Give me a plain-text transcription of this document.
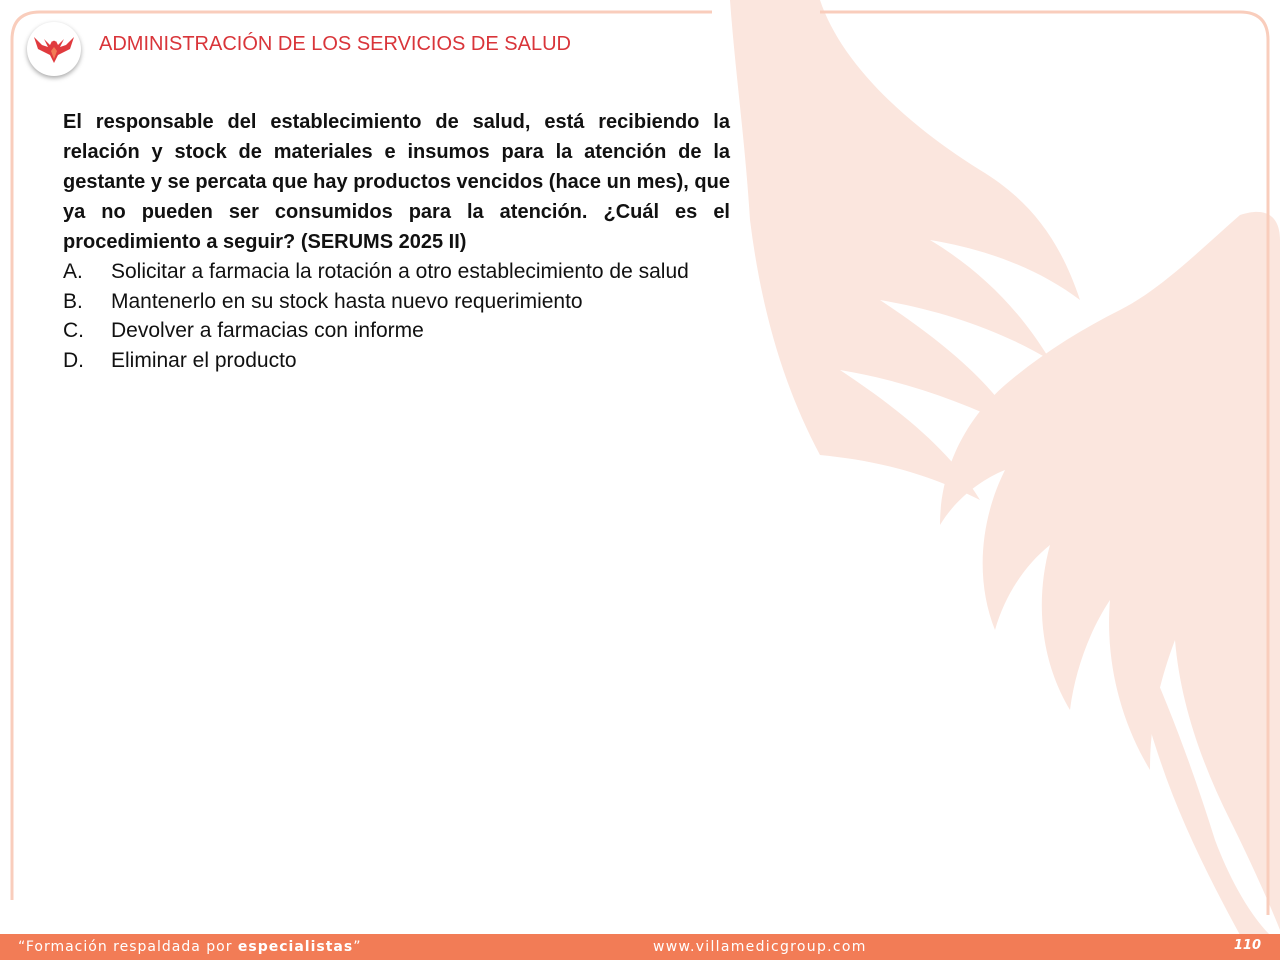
ADMINISTRACIÓN DE LOS SERVICIOS DE SALUD

El responsable del establecimiento de salud, está recibiendo la relación y stock de materiales e insumos para la atención de la gestante y se percata que hay productos vencidos (hace un mes), que ya no pueden ser consumidos para la atención. ¿Cuál es el procedimiento a seguir? (SERUMS 2025 II)

A.	Solicitar a farmacia la rotación a otro establecimiento de salud
B.	Mantenerlo en su stock hasta nuevo requerimiento
C.	Devolver a farmacias con informe
D.	Eliminar el producto
“Formación respaldada por especialistas”	www.villamedicgroup.com	110
